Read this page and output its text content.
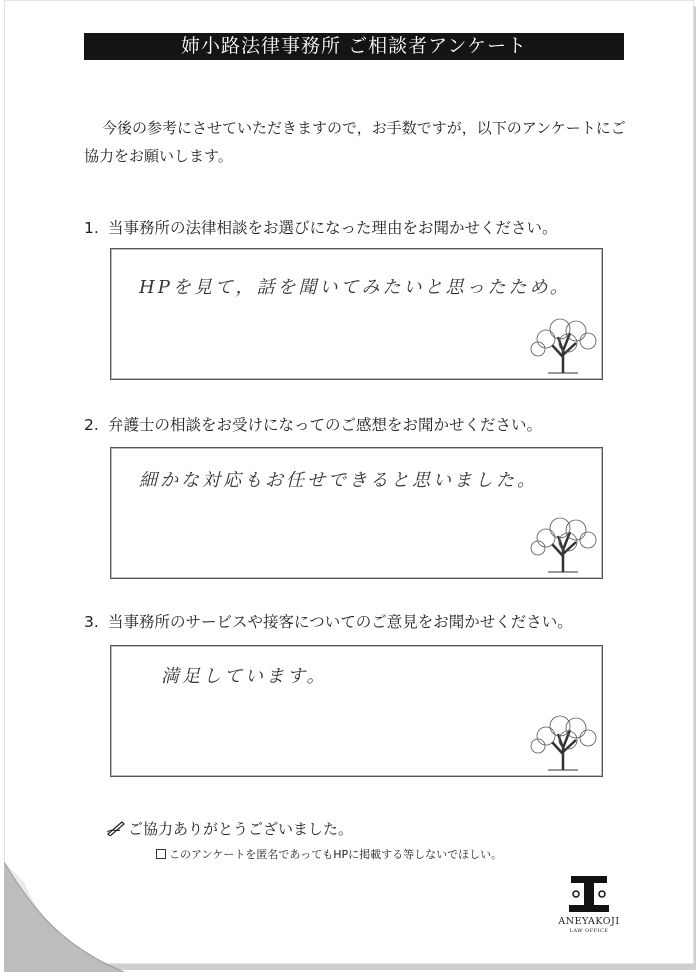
姉小路法律事務所 ご相談者アンケート
今後の参考にさせていただきますので，お手数ですが，以下のアンケートにご協力をお願いします。
1. 当事務所の法律相談をお選びになった理由をお聞かせください。
HPを見て，話を聞いてみたいと思ったため。
2. 弁護士の相談をお受けになってのご感想をお聞かせください。
細かな対応もお任せできると思いました。
3. 当事務所のサービスや接客についてのご意見をお聞かせください。
満足しています。
ご協力ありがとうございました。
このアンケートを匿名であってもHPに掲載する等しないでほしい。
ANEYAKOJI
LAW OFFICE
